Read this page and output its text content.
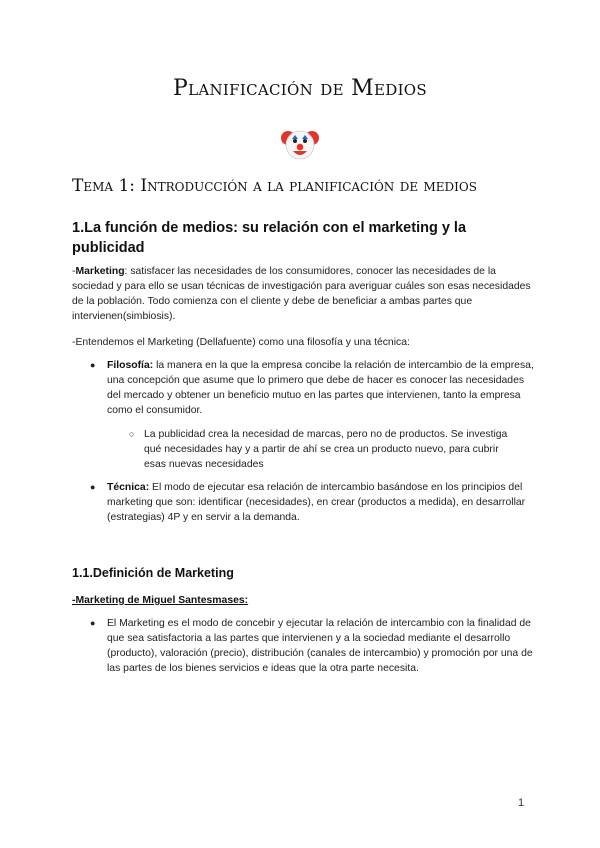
Planificación de Medios
Tema 1: Introducción a la planificación de medios
1.La función de medios: su relación con el marketing y la publicidad

-Marketing: satisfacer las necesidades de los consumidores, conocer las necesidades de la sociedad y para ello se usan técnicas de investigación para averiguar cuáles son esas necesidades de la población. Todo comienza con el cliente y debe de beneficiar a ambas partes que intervienen(simbiosis).

-Entendemos el Marketing (Dellafuente) como una filosofía y una técnica:

● Filosofía: la manera en la que la empresa concibe la relación de intercambio de la empresa, una concepción que asume que lo primero que debe de hacer es conocer las necesidades del mercado y obtener un beneficio mutuo en las partes que intervienen, tanto la empresa como el consumidor.
○ La publicidad crea la necesidad de marcas, pero no de productos. Se investiga qué necesidades hay y a partir de ahí se crea un producto nuevo, para cubrir esas nuevas necesidades
● Técnica: El modo de ejecutar esa relación de intercambio basándose en los principios del marketing que son: identificar (necesidades), en crear (productos a medida), en desarrollar (estrategias) 4P y en servir a la demanda.
1.1.Definición de Marketing
-Marketing de Miguel Santesmases:
● El Marketing es el modo de concebir y ejecutar la relación de intercambio con la finalidad de que sea satisfactoria a las partes que intervienen y a la sociedad mediante el desarrollo (producto), valoración (precio), distribución (canales de intercambio) y promoción por una de las partes de los bienes servicios e ideas que la otra parte necesita.
1
